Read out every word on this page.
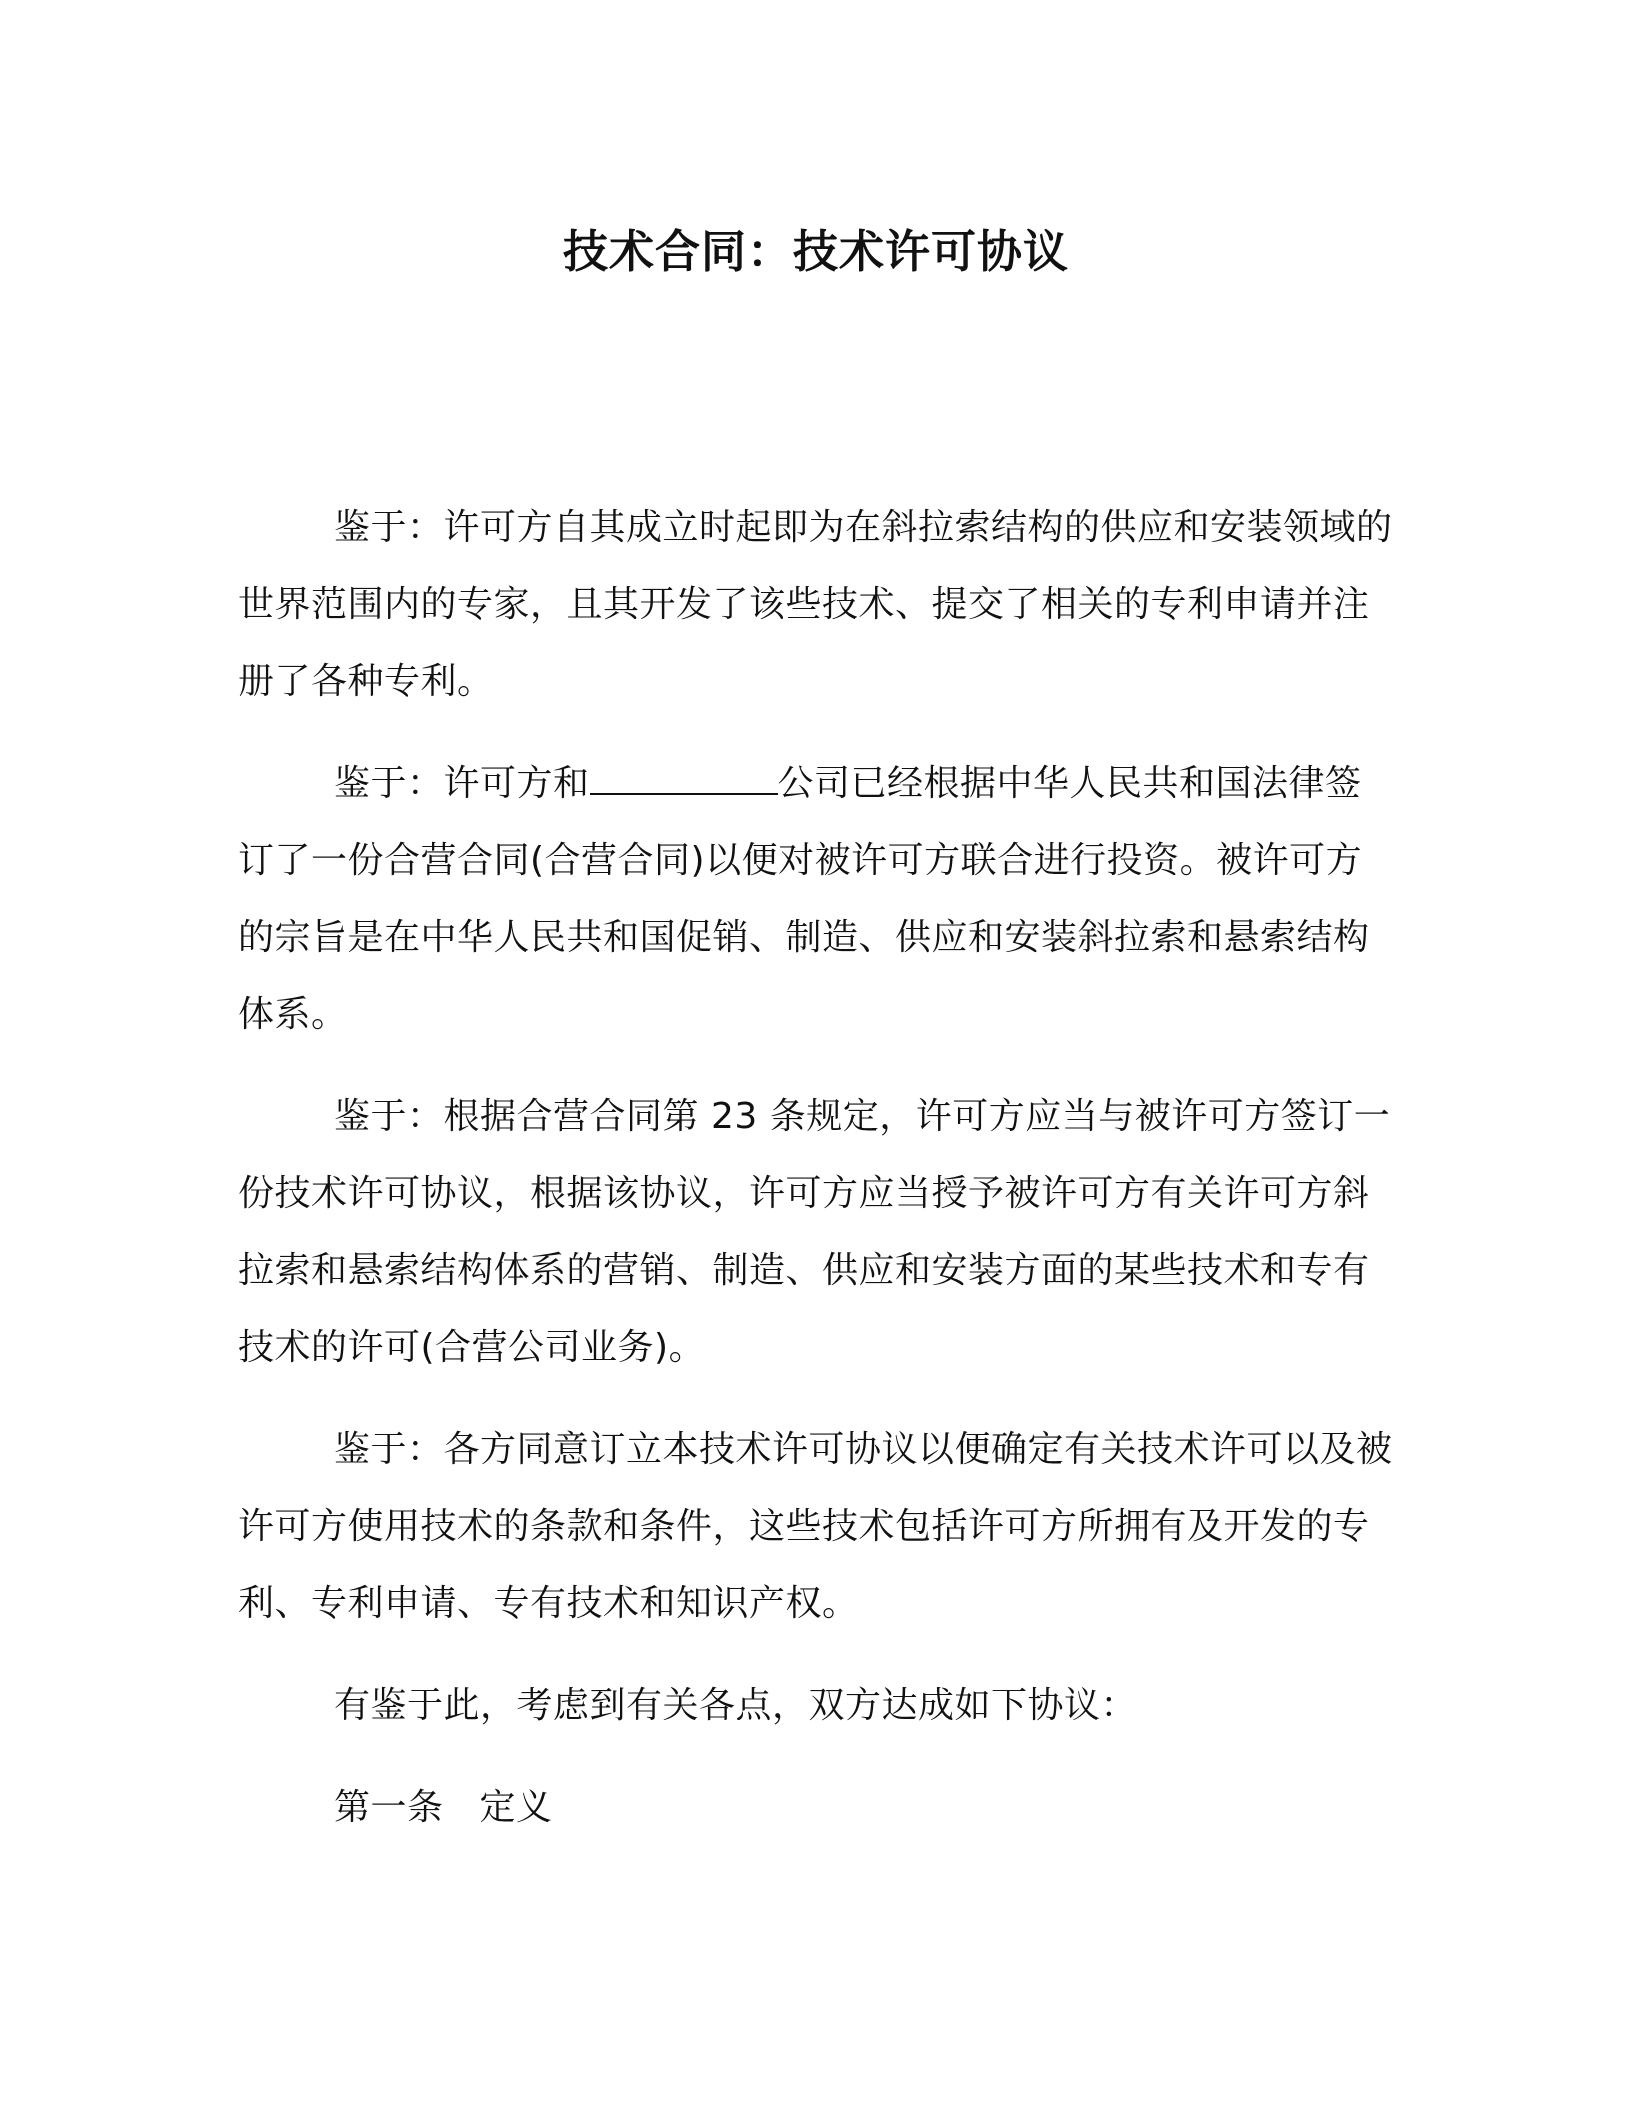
技术合同：技术许可协议

鉴于：许可方自其成立时起即为在斜拉索结构的供应和安装领域的世界范围内的专家，且其开发了该些技术、提交了相关的专利申请并注册了各种专利。

鉴于：许可方和	公司已经根据中华人民共和国法律签订了一份合营合同(合营合同)以便对被许可方联合进行投资。被许可方的宗旨是在中华人民共和国促销、制造、供应和安装斜拉索和悬索结构体系。

鉴于：根据合营合同第 23 条规定，许可方应当与被许可方签订一份技术许可协议，根据该协议，许可方应当授予被许可方有关许可方斜拉索和悬索结构体系的营销、制造、供应和安装方面的某些技术和专有技术的许可(合营公司业务)。

鉴于：各方同意订立本技术许可协议以便确定有关技术许可以及被许可方使用技术的条款和条件，这些技术包括许可方所拥有及开发的专利、专利申请、专有技术和知识产权。

有鉴于此，考虑到有关各点，双方达成如下协议：

第一条 定义
